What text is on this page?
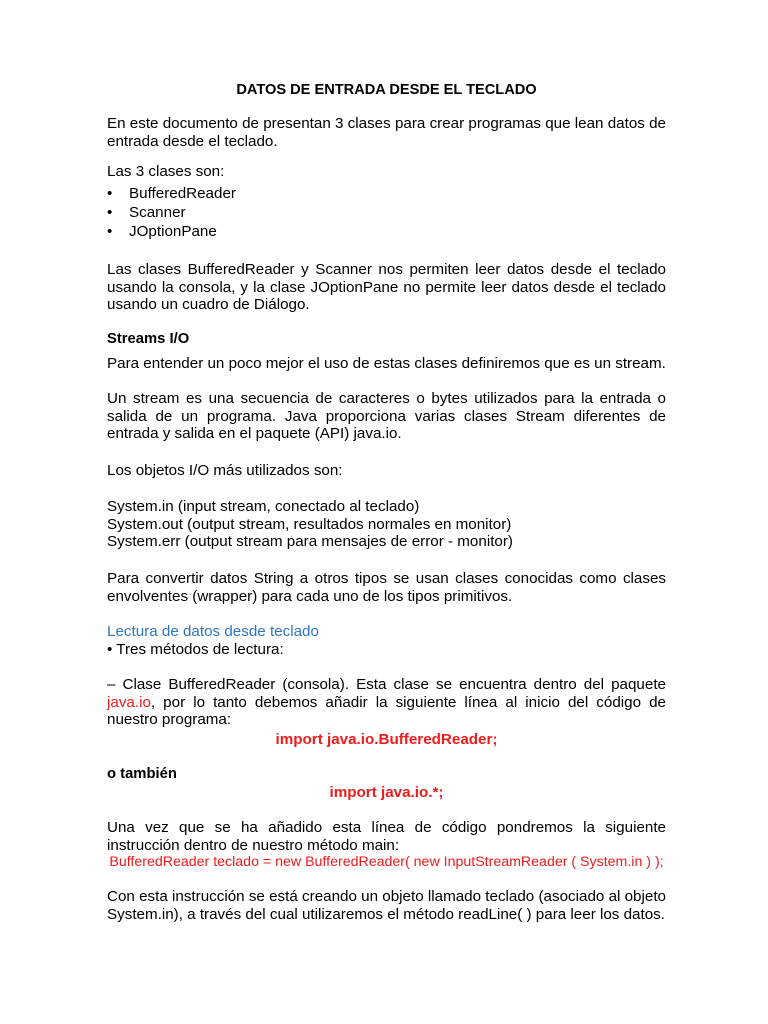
DATOS DE ENTRADA DESDE EL TECLADO

En este documento de presentan 3 clases para crear programas que lean datos de entrada desde el teclado.

Las 3 clases son:
• BufferedReader
• Scanner
• JOptionPane

Las clases BufferedReader y Scanner nos permiten leer datos desde el teclado usando la consola, y la clase JOptionPane no permite leer datos desde el teclado usando un cuadro de Diálogo.

Streams I/O

Para entender un poco mejor el uso de estas clases definiremos que es un stream.

Un stream es una secuencia de caracteres o bytes utilizados para la entrada o salida de un programa. Java proporciona varias clases Stream diferentes de entrada y salida en el paquete (API) java.io.

Los objetos I/O más utilizados son:
System.in (input stream, conectado al teclado)
System.out (output stream, resultados normales en monitor)
System.err (output stream para mensajes de error - monitor)

Para convertir datos String a otros tipos se usan clases conocidas como clases envolventes (wrapper) para cada uno de los tipos primitivos.

Lectura de datos desde teclado
• Tres métodos de lectura:

– Clase BufferedReader (consola). Esta clase se encuentra dentro del paquete java.io, por lo tanto debemos añadir la siguiente línea al inicio del código de nuestro programa:

import java.io.BufferedReader;
o también
import java.io.*;

Una vez que se ha añadido esta línea de código pondremos la siguiente instrucción dentro de nuestro método main:

BufferedReader teclado = new BufferedReader( new InputStreamReader ( System.in ) );

Con esta instrucción se está creando un objeto llamado teclado (asociado al objeto System.in), a través del cual utilizaremos el método readLine( ) para leer los datos.
